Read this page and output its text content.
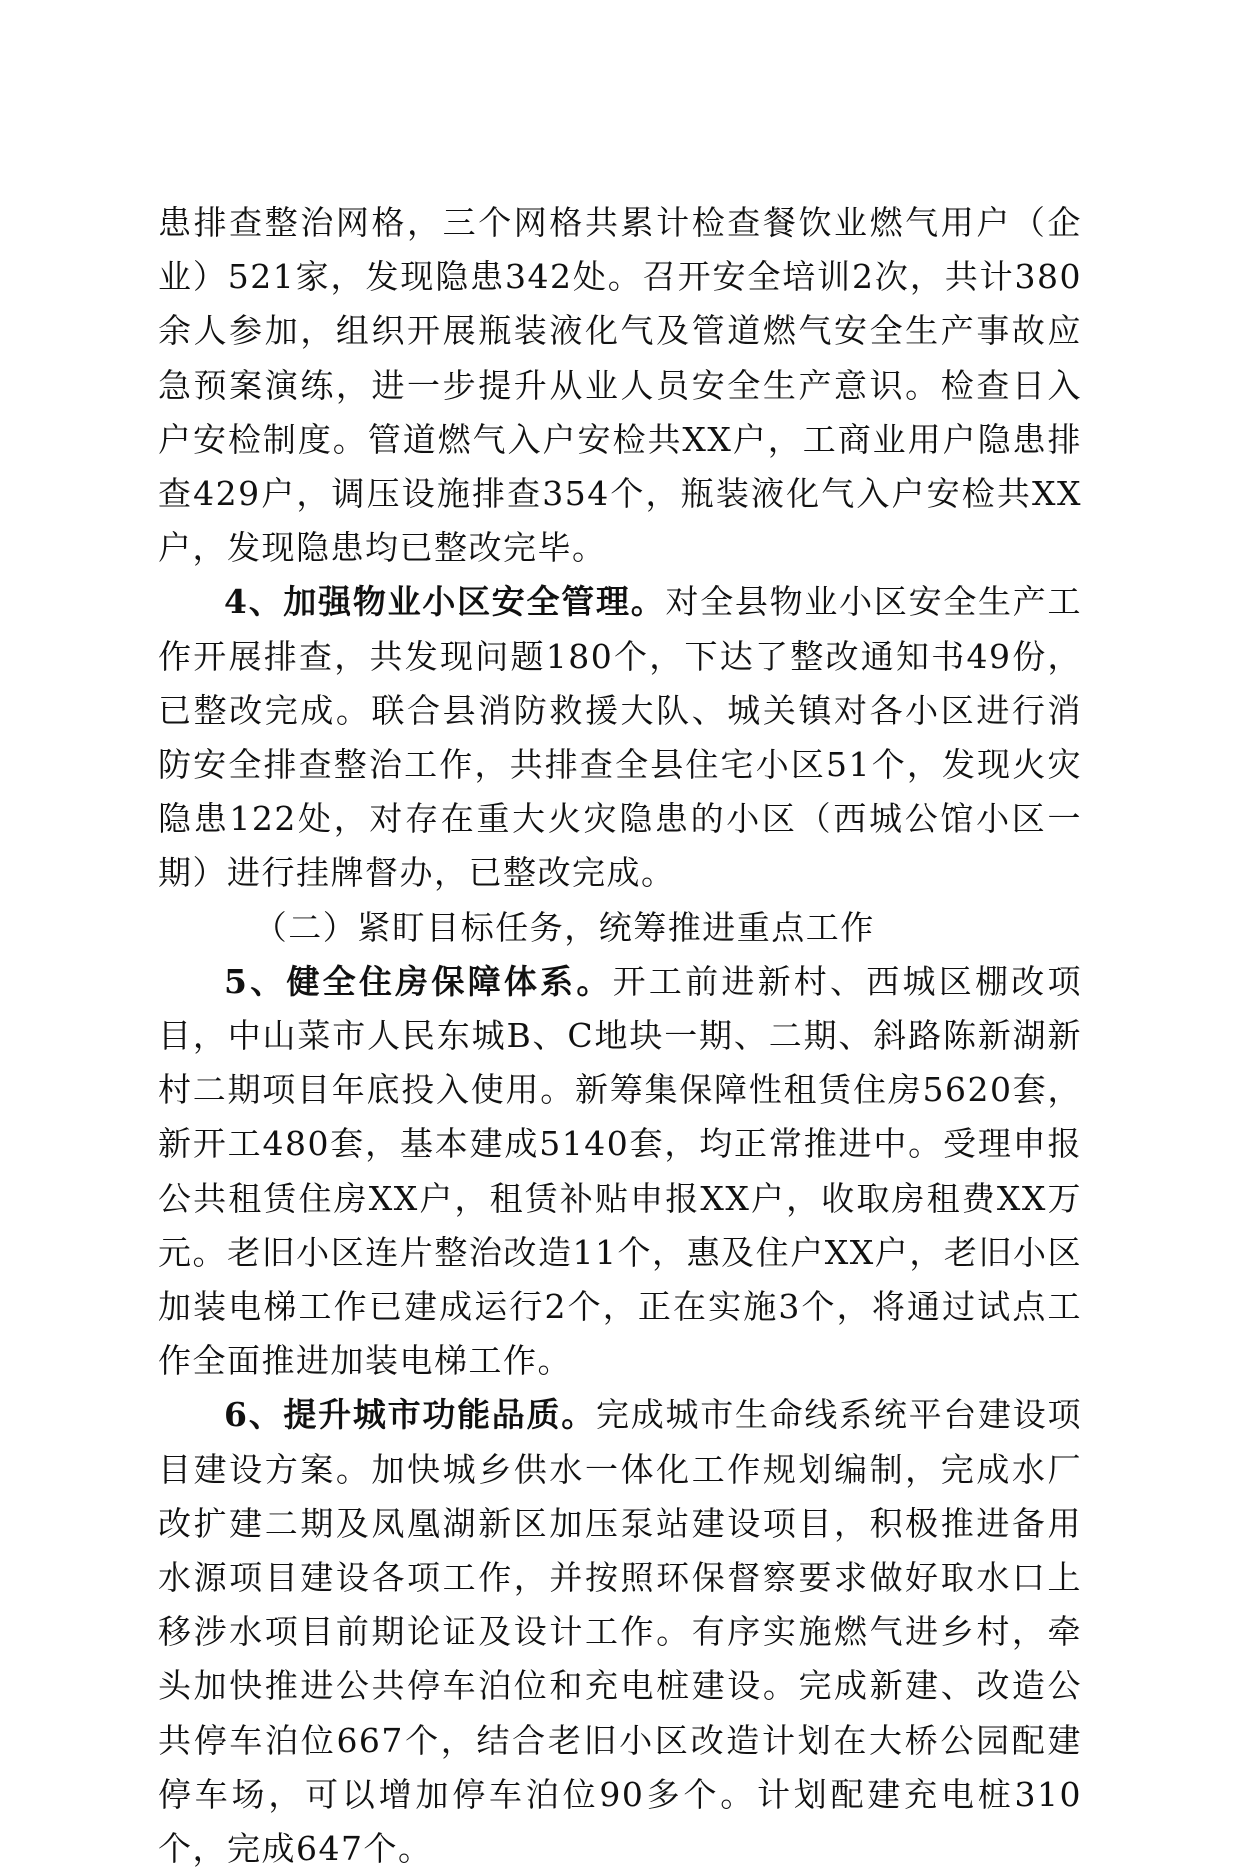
患排查整治网格，三个网格共累计检查餐饮业燃气用户（企业）521家，发现隐患342处。召开安全培训2次，共计380余人参加，组织开展瓶装液化气及管道燃气安全生产事故应急预案演练，进一步提升从业人员安全生产意识。检查日入户安检制度。管道燃气入户安检共XX户，工商业用户隐患排查429户，调压设施排查354个，瓶装液化气入户安检共XX户，发现隐患均已整改完毕。

4、加强物业小区安全管理。对全县物业小区安全生产工作开展排查，共发现问题180个，下达了整改通知书49份，已整改完成。联合县消防救援大队、城关镇对各小区进行消防安全排查整治工作，共排查全县住宅小区51个，发现火灾隐患122处，对存在重大火灾隐患的小区（西城公馆小区一期）进行挂牌督办，已整改完成。

（二）紧盯目标任务，统筹推进重点工作

5、健全住房保障体系。开工前进新村、西城区棚改项目，中山菜市人民东城B、C地块一期、二期、斜路陈新湖新村二期项目年底投入使用。新筹集保障性租赁住房5620套，新开工480套，基本建成5140套，均正常推进中。受理申报公共租赁住房XX户，租赁补贴申报XX户，收取房租费XX万元。老旧小区连片整治改造11个，惠及住户XX户，老旧小区加装电梯工作已建成运行2个，正在实施3个，将通过试点工作全面推进加装电梯工作。

6、提升城市功能品质。完成城市生命线系统平台建设项目建设方案。加快城乡供水一体化工作规划编制，完成水厂改扩建二期及凤凰湖新区加压泵站建设项目，积极推进备用水源项目建设各项工作，并按照环保督察要求做好取水口上移涉水项目前期论证及设计工作。有序实施燃气进乡村，牵头加快推进公共停车泊位和充电桩建设。完成新建、改造公共停车泊位667个，结合老旧小区改造计划在大桥公园配建停车场，可以增加停车泊位90多个。计划配建充电桩310个，完成647个。
